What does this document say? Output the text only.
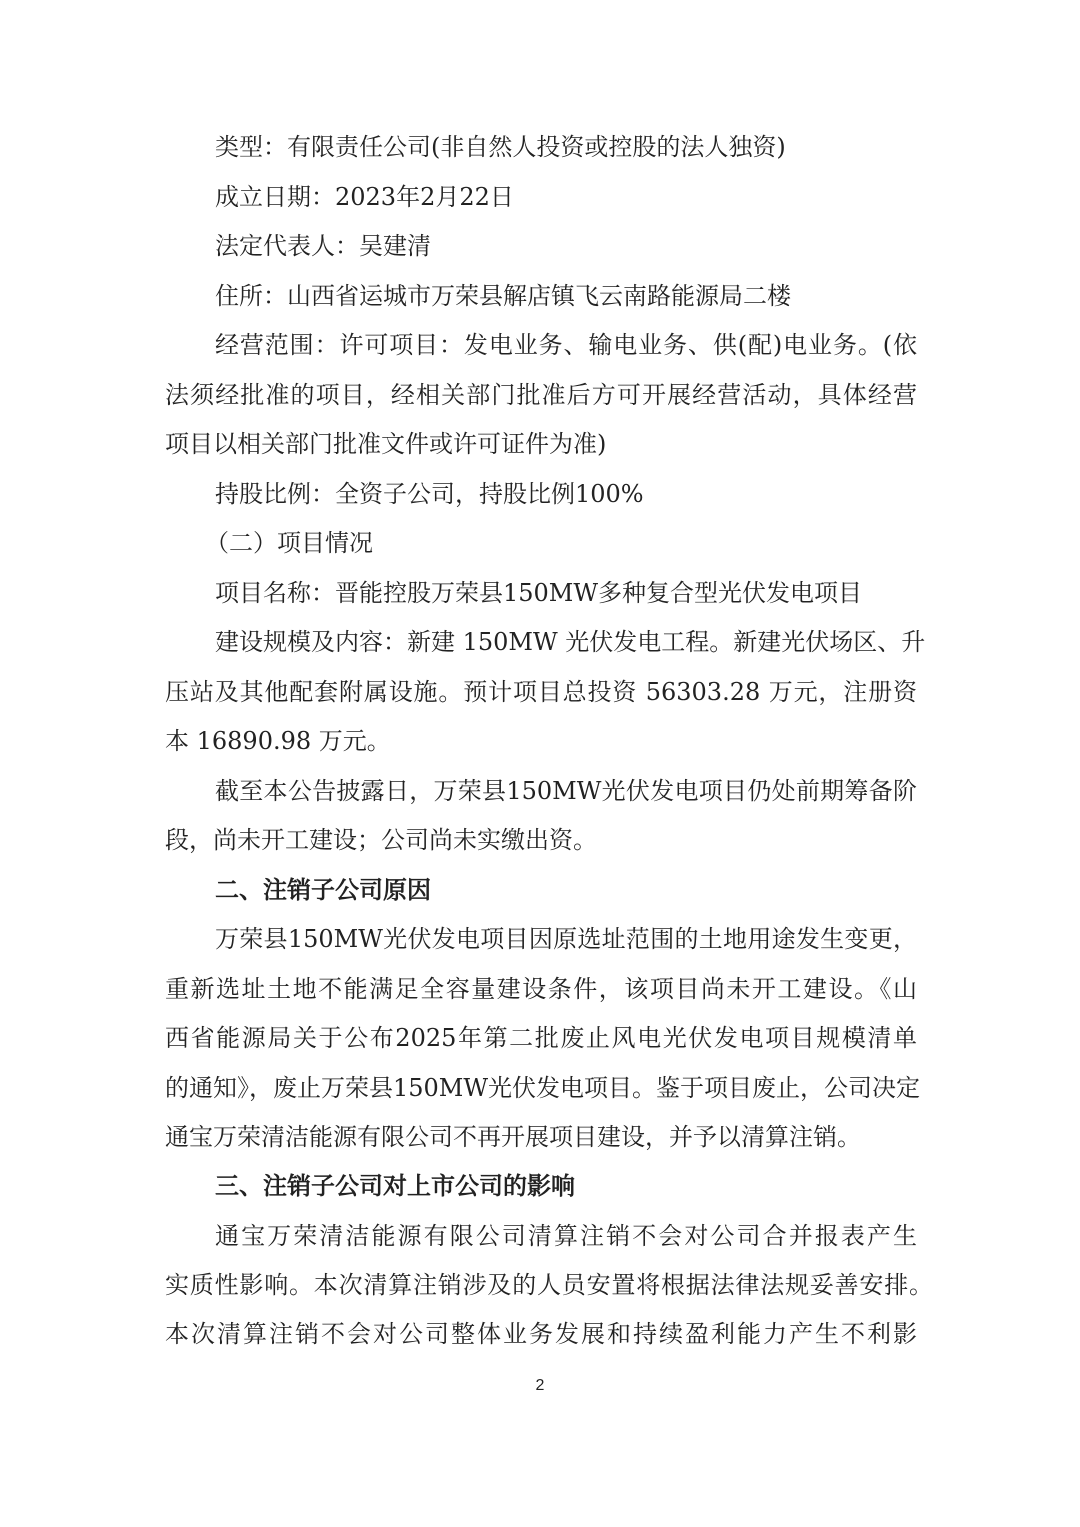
类型：有限责任公司(非自然人投资或控股的法人独资)
成立日期：2023年2月22日
法定代表人：吴建清
住所：山西省运城市万荣县解店镇飞云南路能源局二楼
经营范围：许可项目：发电业务、输电业务、供(配)电业务。(依
法须经批准的项目，经相关部门批准后方可开展经营活动，具体经营
项目以相关部门批准文件或许可证件为准)
持股比例：全资子公司，持股比例100%
（二）项目情况
项目名称：晋能控股万荣县150MW多种复合型光伏发电项目
建设规模及内容：新建 150MW 光伏发电工程。新建光伏场区、升
压站及其他配套附属设施。预计项目总投资 56303.28 万元，注册资
本 16890.98 万元。
截至本公告披露日，万荣县150MW光伏发电项目仍处前期筹备阶
段，尚未开工建设；公司尚未实缴出资。
二、注销子公司原因
万荣县150MW光伏发电项目因原选址范围的土地用途发生变更，
重新选址土地不能满足全容量建设条件，该项目尚未开工建设。《山
西省能源局关于公布2025年第二批废止风电光伏发电项目规模清单
的通知》，废止万荣县150MW光伏发电项目。鉴于项目废止，公司决定
通宝万荣清洁能源有限公司不再开展项目建设，并予以清算注销。
三、注销子公司对上市公司的影响
通宝万荣清洁能源有限公司清算注销不会对公司合并报表产生
实质性影响。本次清算注销涉及的人员安置将根据法律法规妥善安排。
本次清算注销不会对公司整体业务发展和持续盈利能力产生不利影
2
